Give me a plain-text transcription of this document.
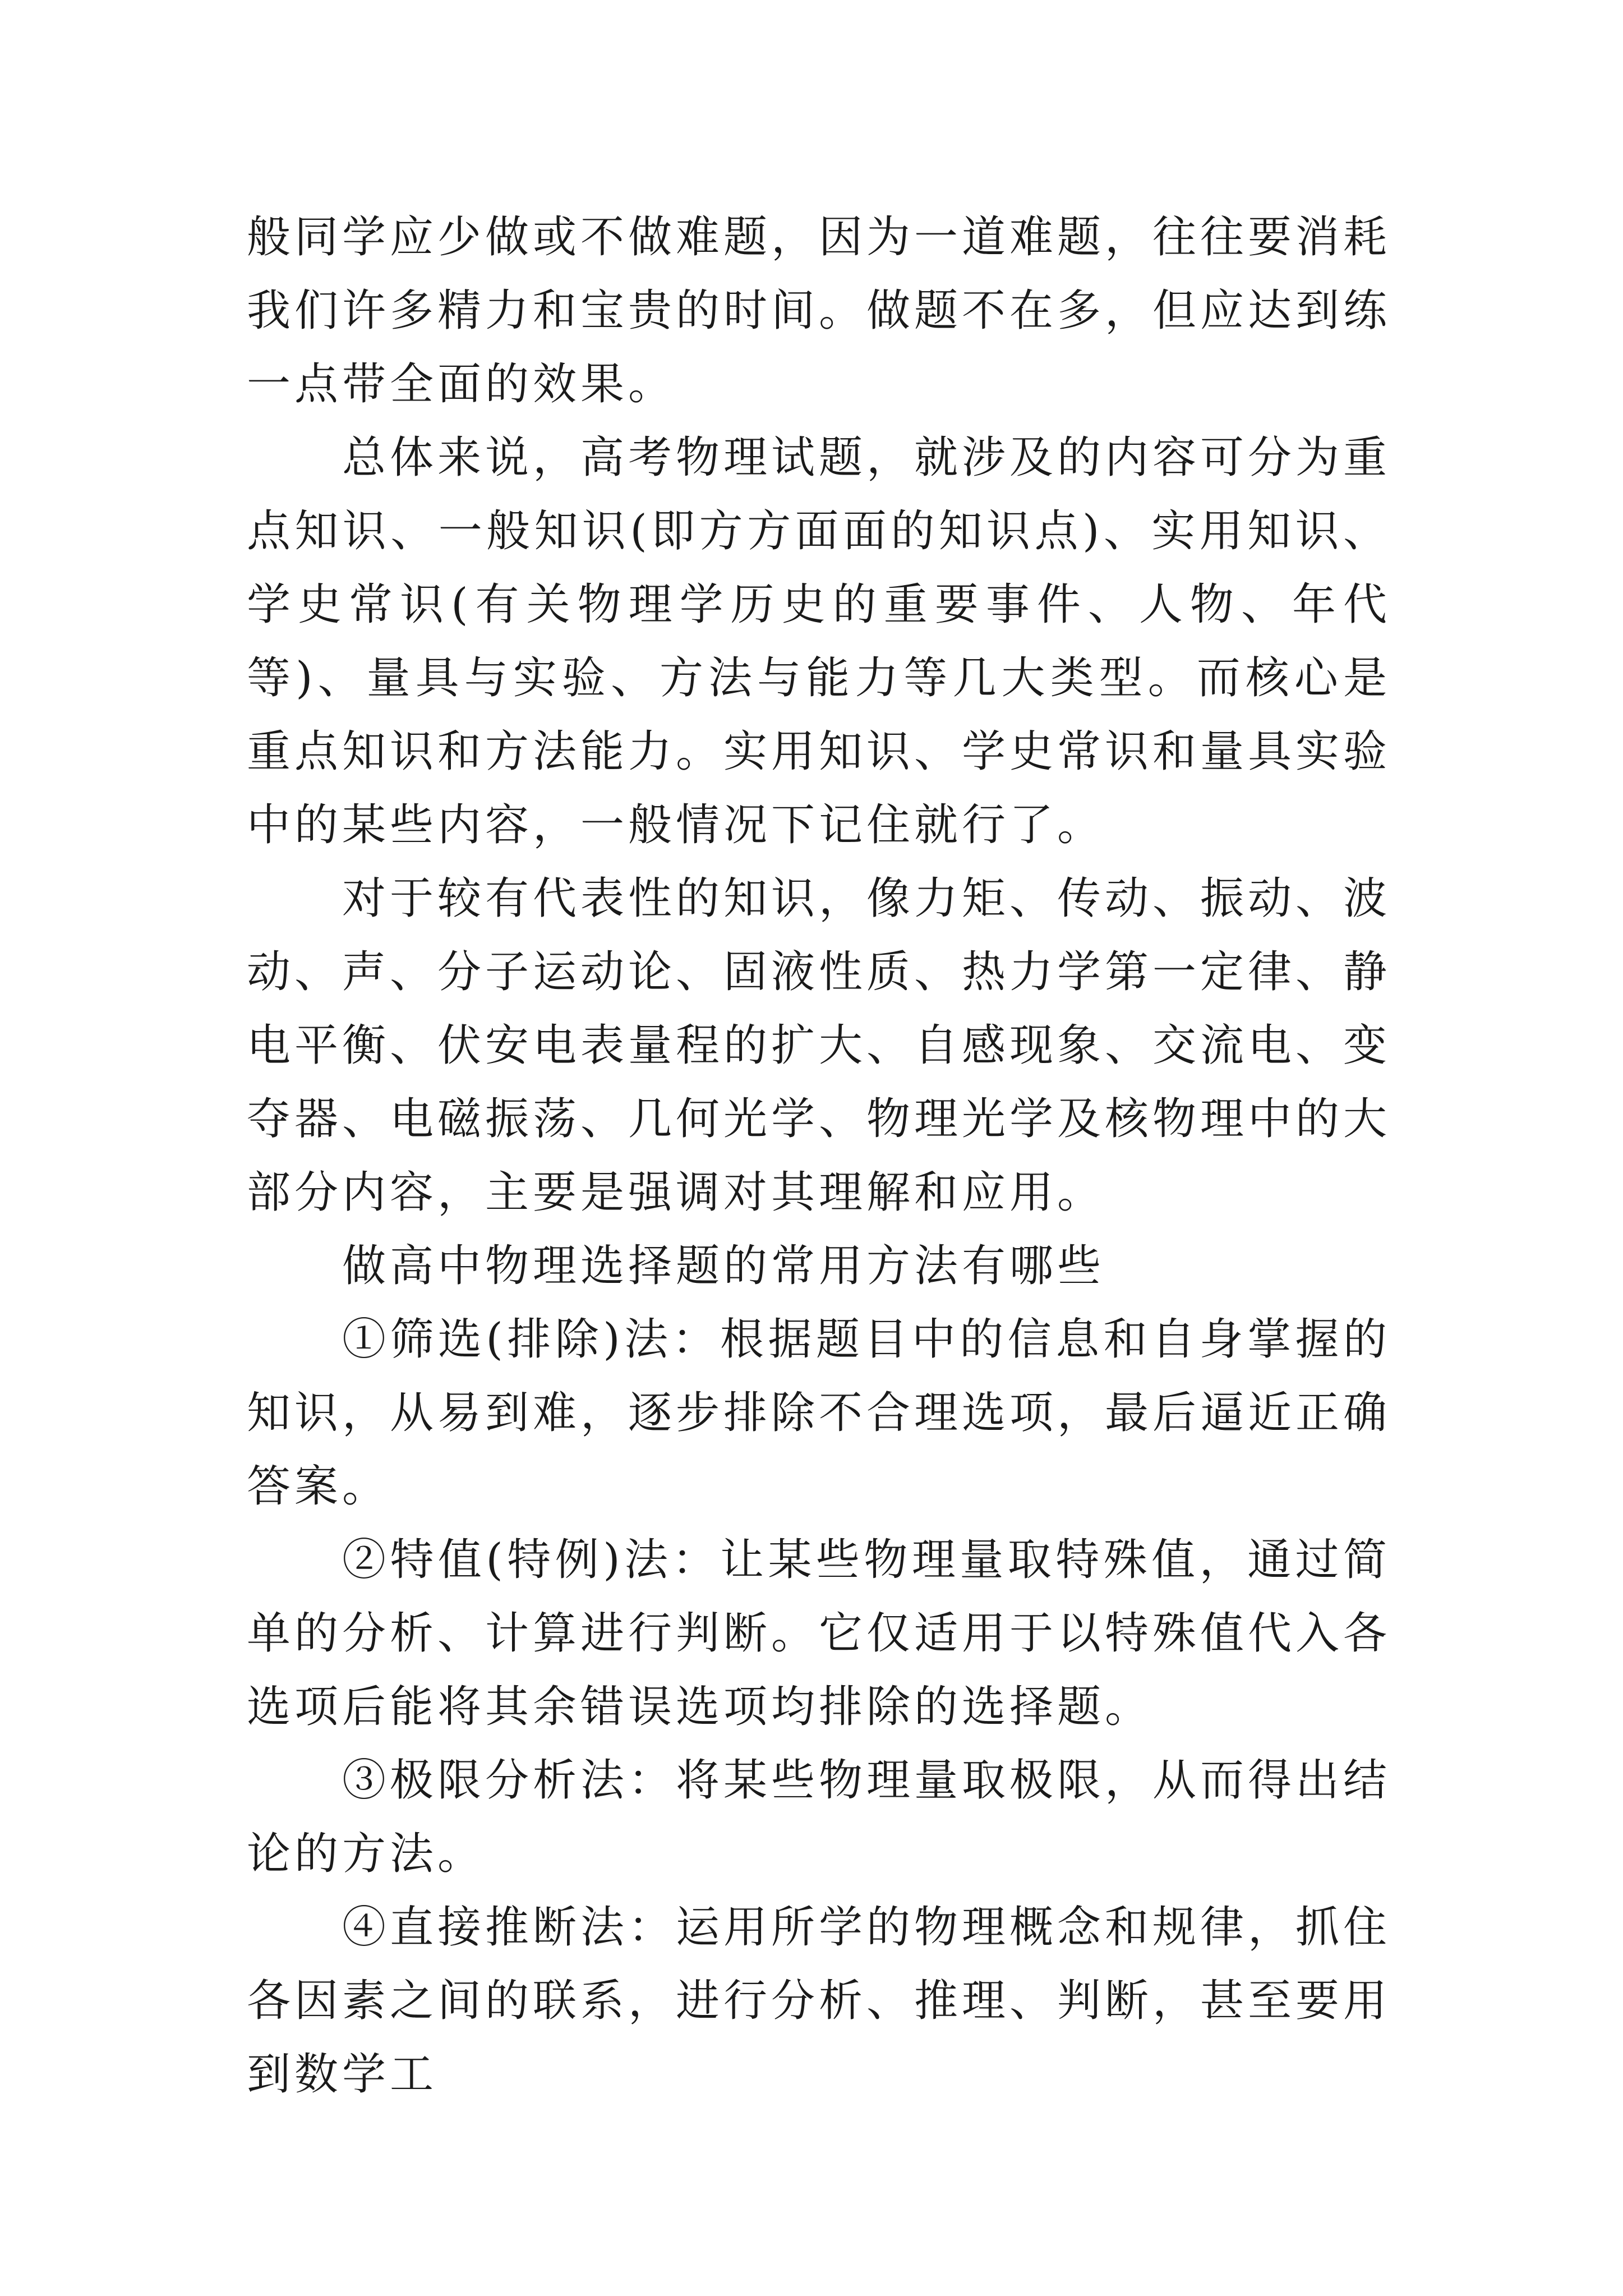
般同学应少做或不做难题，因为一道难题，往往要消耗我们许多精力和宝贵的时间。做题不在多，但应达到练一点带全面的效果。

总体来说，高考物理试题，就涉及的内容可分为重点知识、一般知识(即方方面面的知识点)、实用知识、学史常识(有关物理学历史的重要事件、人物、年代等)、量具与实验、方法与能力等几大类型。而核心是重点知识和方法能力。实用知识、学史常识和量具实验中的某些内容，一般情况下记住就行了。

对于较有代表性的知识，像力矩、传动、振动、波动、声、分子运动论、固液性质、热力学第一定律、静电平衡、伏安电表量程的扩大、自感现象、交流电、变夺器、电磁振荡、几何光学、物理光学及核物理中的大部分内容，主要是强调对其理解和应用。

做高中物理选择题的常用方法有哪些

①筛选(排除)法：根据题目中的信息和自身掌握的知识，从易到难，逐步排除不合理选项，最后逼近正确答案。

②特值(特例)法：让某些物理量取特殊值，通过简单的分析、计算进行判断。它仅适用于以特殊值代入各选项后能将其余错误选项均排除的选择题。

③极限分析法：将某些物理量取极限，从而得出结论的方法。

④直接推断法：运用所学的物理概念和规律，抓住各因素之间的联系，进行分析、推理、判断，甚至要用到数学工
